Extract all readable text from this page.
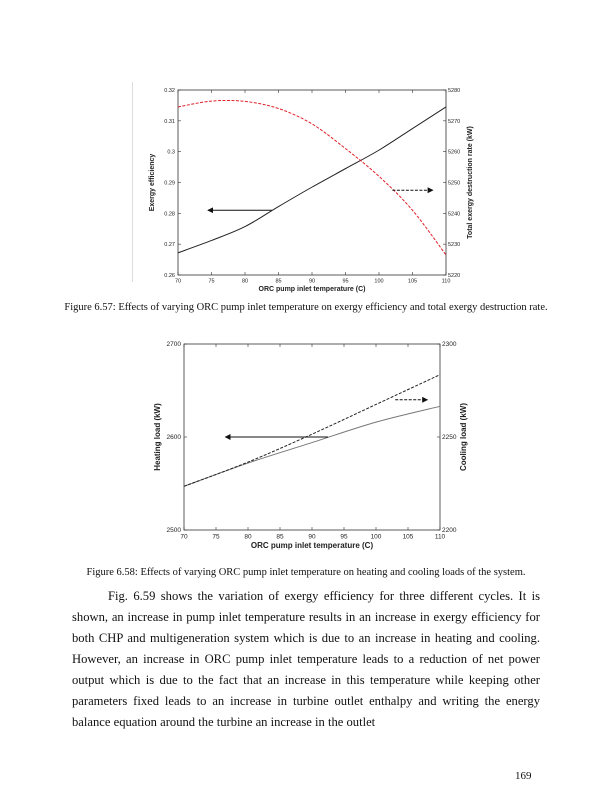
70	75	80	85	90	95	100	105	110
0.26
0.27
0.28
0.29
0.3
0.31
0.32
5220
5230
5240
5250
5260
5270
5280
ORC pump inlet temperature (C)
Exergy efficiency	Total exergy destruction rate (kW)
Figure 6.57: Effects of varying ORC pump inlet temperature on exergy efficiency and total exergy destruction rate.
70	75	80	85	90	95	100	105	110
2500
2600
2700
2200
2250
2300
ORC pump inlet temperature (C)
Heating load (kW)	Cooling load (kW)
Figure 6.58: Effects of varying ORC pump inlet temperature on heating and cooling loads of the system.

Fig. 6.59 shows the variation of exergy efficiency for three different cycles. It is shown, an increase in pump inlet temperature results in an increase in exergy efficiency for both CHP and multigeneration system which is due to an increase in heating and cooling. However, an increase in ORC pump inlet temperature leads to a reduction of net power output which is due to the fact that an increase in this temperature while keeping other parameters fixed leads to an increase in turbine outlet enthalpy and writing the energy balance equation around the turbine an increase in the outlet

169
